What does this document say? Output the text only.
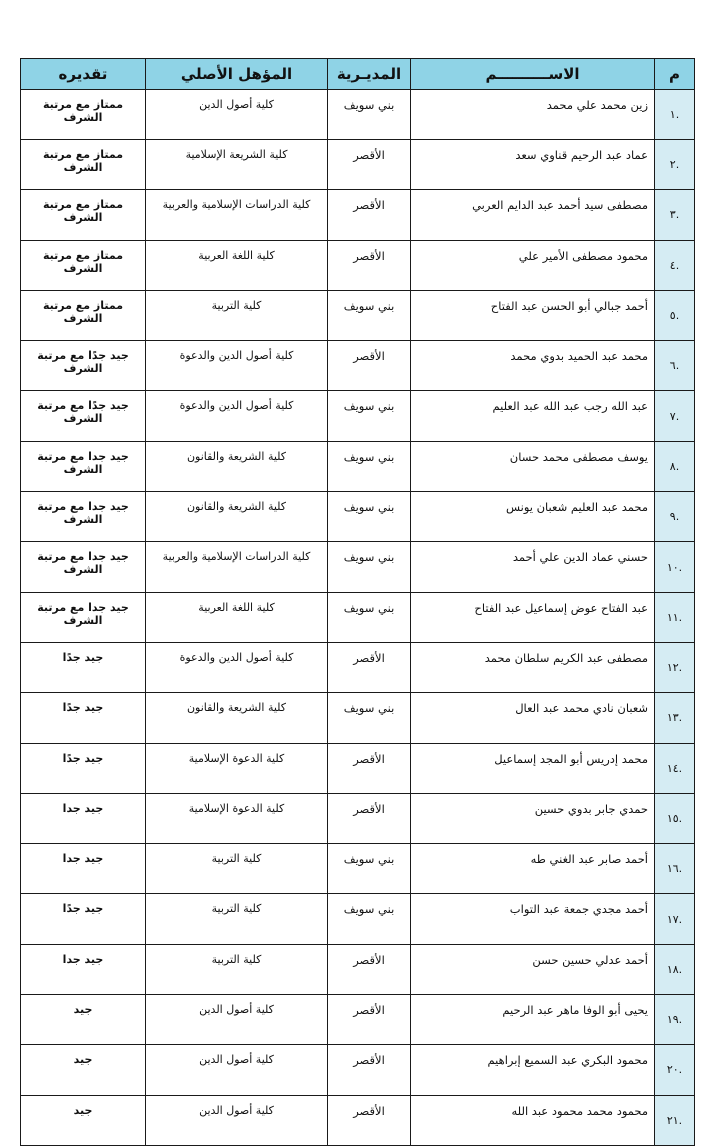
م	الاســــــــــم	المديـرية	المؤهل الأصلي	تقديره
.١	زين محمد علي محمد	بني سويف	كلية أصول الدين	ممتاز مع مرتبة الشرف
.٢	عماد عبد الرحيم قناوي سعد	الأقصر	كلية الشريعة الإسلامية	ممتاز مع مرتبة الشرف
.٣	مصطفى سيد أحمد عبد الدايم العربي	الأقصر	كلية الدراسات الإسلامية والعربية	ممتاز مع مرتبة الشرف
.٤	محمود مصطفى الأمير علي	الأقصر	كلية اللغة العربية	ممتاز مع مرتبة الشرف
.٥	أحمد جبالي أبو الحسن عبد الفتاح	بني سويف	كلية التربية	ممتاز مع مرتبة الشرف
.٦	محمد عبد الحميد بدوي محمد	الأقصر	كلية أصول الدين والدعوة	جيد جدًا مع مرتبة الشرف
.٧	عبد الله رجب عبد الله عبد العليم	بني سويف	كلية أصول الدين والدعوة	جيد جدًا مع مرتبة الشرف
.٨	يوسف مصطفى محمد حسان	بني سويف	كلية الشريعة والقانون	جيد جدا مع مرتبة الشرف
.٩	محمد عبد العليم شعبان يونس	بني سويف	كلية الشريعة والقانون	جيد جدا مع مرتبة الشرف
.١٠	حسني عماد الدين علي أحمد	بني سويف	كلية الدراسات الإسلامية والعربية	جيد جدا مع مرتبة الشرف
.١١	عبد الفتاح عوض إسماعيل عبد الفتاح	بني سويف	كلية اللغة العربية	جيد جدا مع مرتبة الشرف
.١٢	مصطفى عبد الكريم سلطان محمد	الأقصر	كلية أصول الدين والدعوة	جيد جدًا
.١٣	شعبان نادي محمد عبد العال	بني سويف	كلية الشريعة والقانون	جيد جدًا
.١٤	محمد إدريس أبو المجد إسماعيل	الأقصر	كلية الدعوة الإسلامية	جيد جدًا
.١٥	حمدي جابر بدوي حسين	الأقصر	كلية الدعوة الإسلامية	جيد جدا
.١٦	أحمد صابر عبد الغني طه	بني سويف	كلية التربية	جيد جدا
.١٧	أحمد مجدي جمعة عبد التواب	بني سويف	كلية التربية	جيد جدًا
.١٨	أحمد عدلي حسين حسن	الأقصر	كلية التربية	جيد جدا
.١٩	يحيى أبو الوفا ماهر عبد الرحيم	الأقصر	كلية أصول الدين	جيد
.٢٠	محمود البكري عبد السميع إبراهيم	الأقصر	كلية أصول الدين	جيد
.٢١	محمود محمد محمود عبد الله	الأقصر	كلية أصول الدين	جيد
